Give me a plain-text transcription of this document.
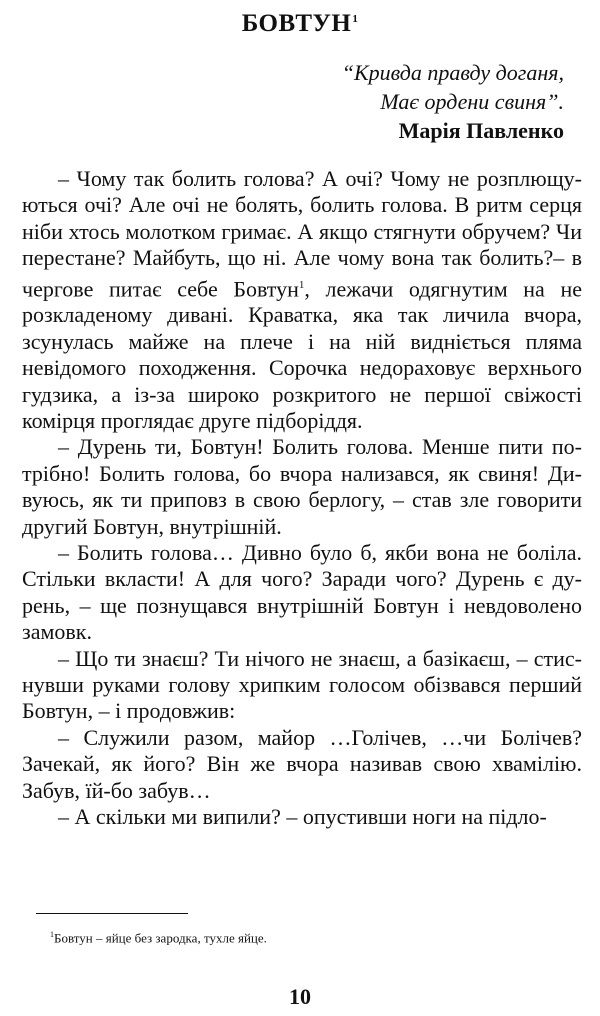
БОВТУН$^1$
“Кривда правду доганя,
Має ордени свиня”.
Марія Павленко

– Чому так болить голова? А очі? Чому не розплющуються очі? Але очі не болять, болить голова. В ритм серця ніби хтось молотком гримає. А якщо стягнути обручем? Чи перестане? Майбуть, що ні. Але чому вона так болить?– в чергове питає себе Бовтун$^1$, лежачи одягнутим на не розкладеному дивані. Краватка, яка так личила вчора, зсунулась майже на плече і на ній видніється пляма невідомого походження. Сорочка недораховує верхнього гудзика, а із-за широко розкритого не першої свіжості комірця проглядає друге підборіддя.

– Дурень ти, Бовтун! Болить голова. Менше пити потрібно! Болить голова, бо вчора нализався, як свиня! Дивуюсь, як ти приповз в свою берлогу, – став зле говорити другий Бовтун, внутрішній.

– Болить голова… Дивно було б, якби вона не боліла. Стільки вкласти! А для чого? Заради чого? Дурень є дурень, – ще познущався внутрішній Бовтун і невдоволено замовк.

– Що ти знаєш? Ти нічого не знаєш, а базікаєш, – стиснувши руками голову хрипким голосом обізвався перший Бовтун, – і продовжив:

– Служили разом, майор …Голічев, …чи Болічев? Зачекай, як його? Він же вчора називав свою хвамілію. Забув, їй-бо забув…

– А скільки ми випили? – опустивши ноги на підло-

$^1$Бовтун – яйце без зародка, тухле яйце.
10
